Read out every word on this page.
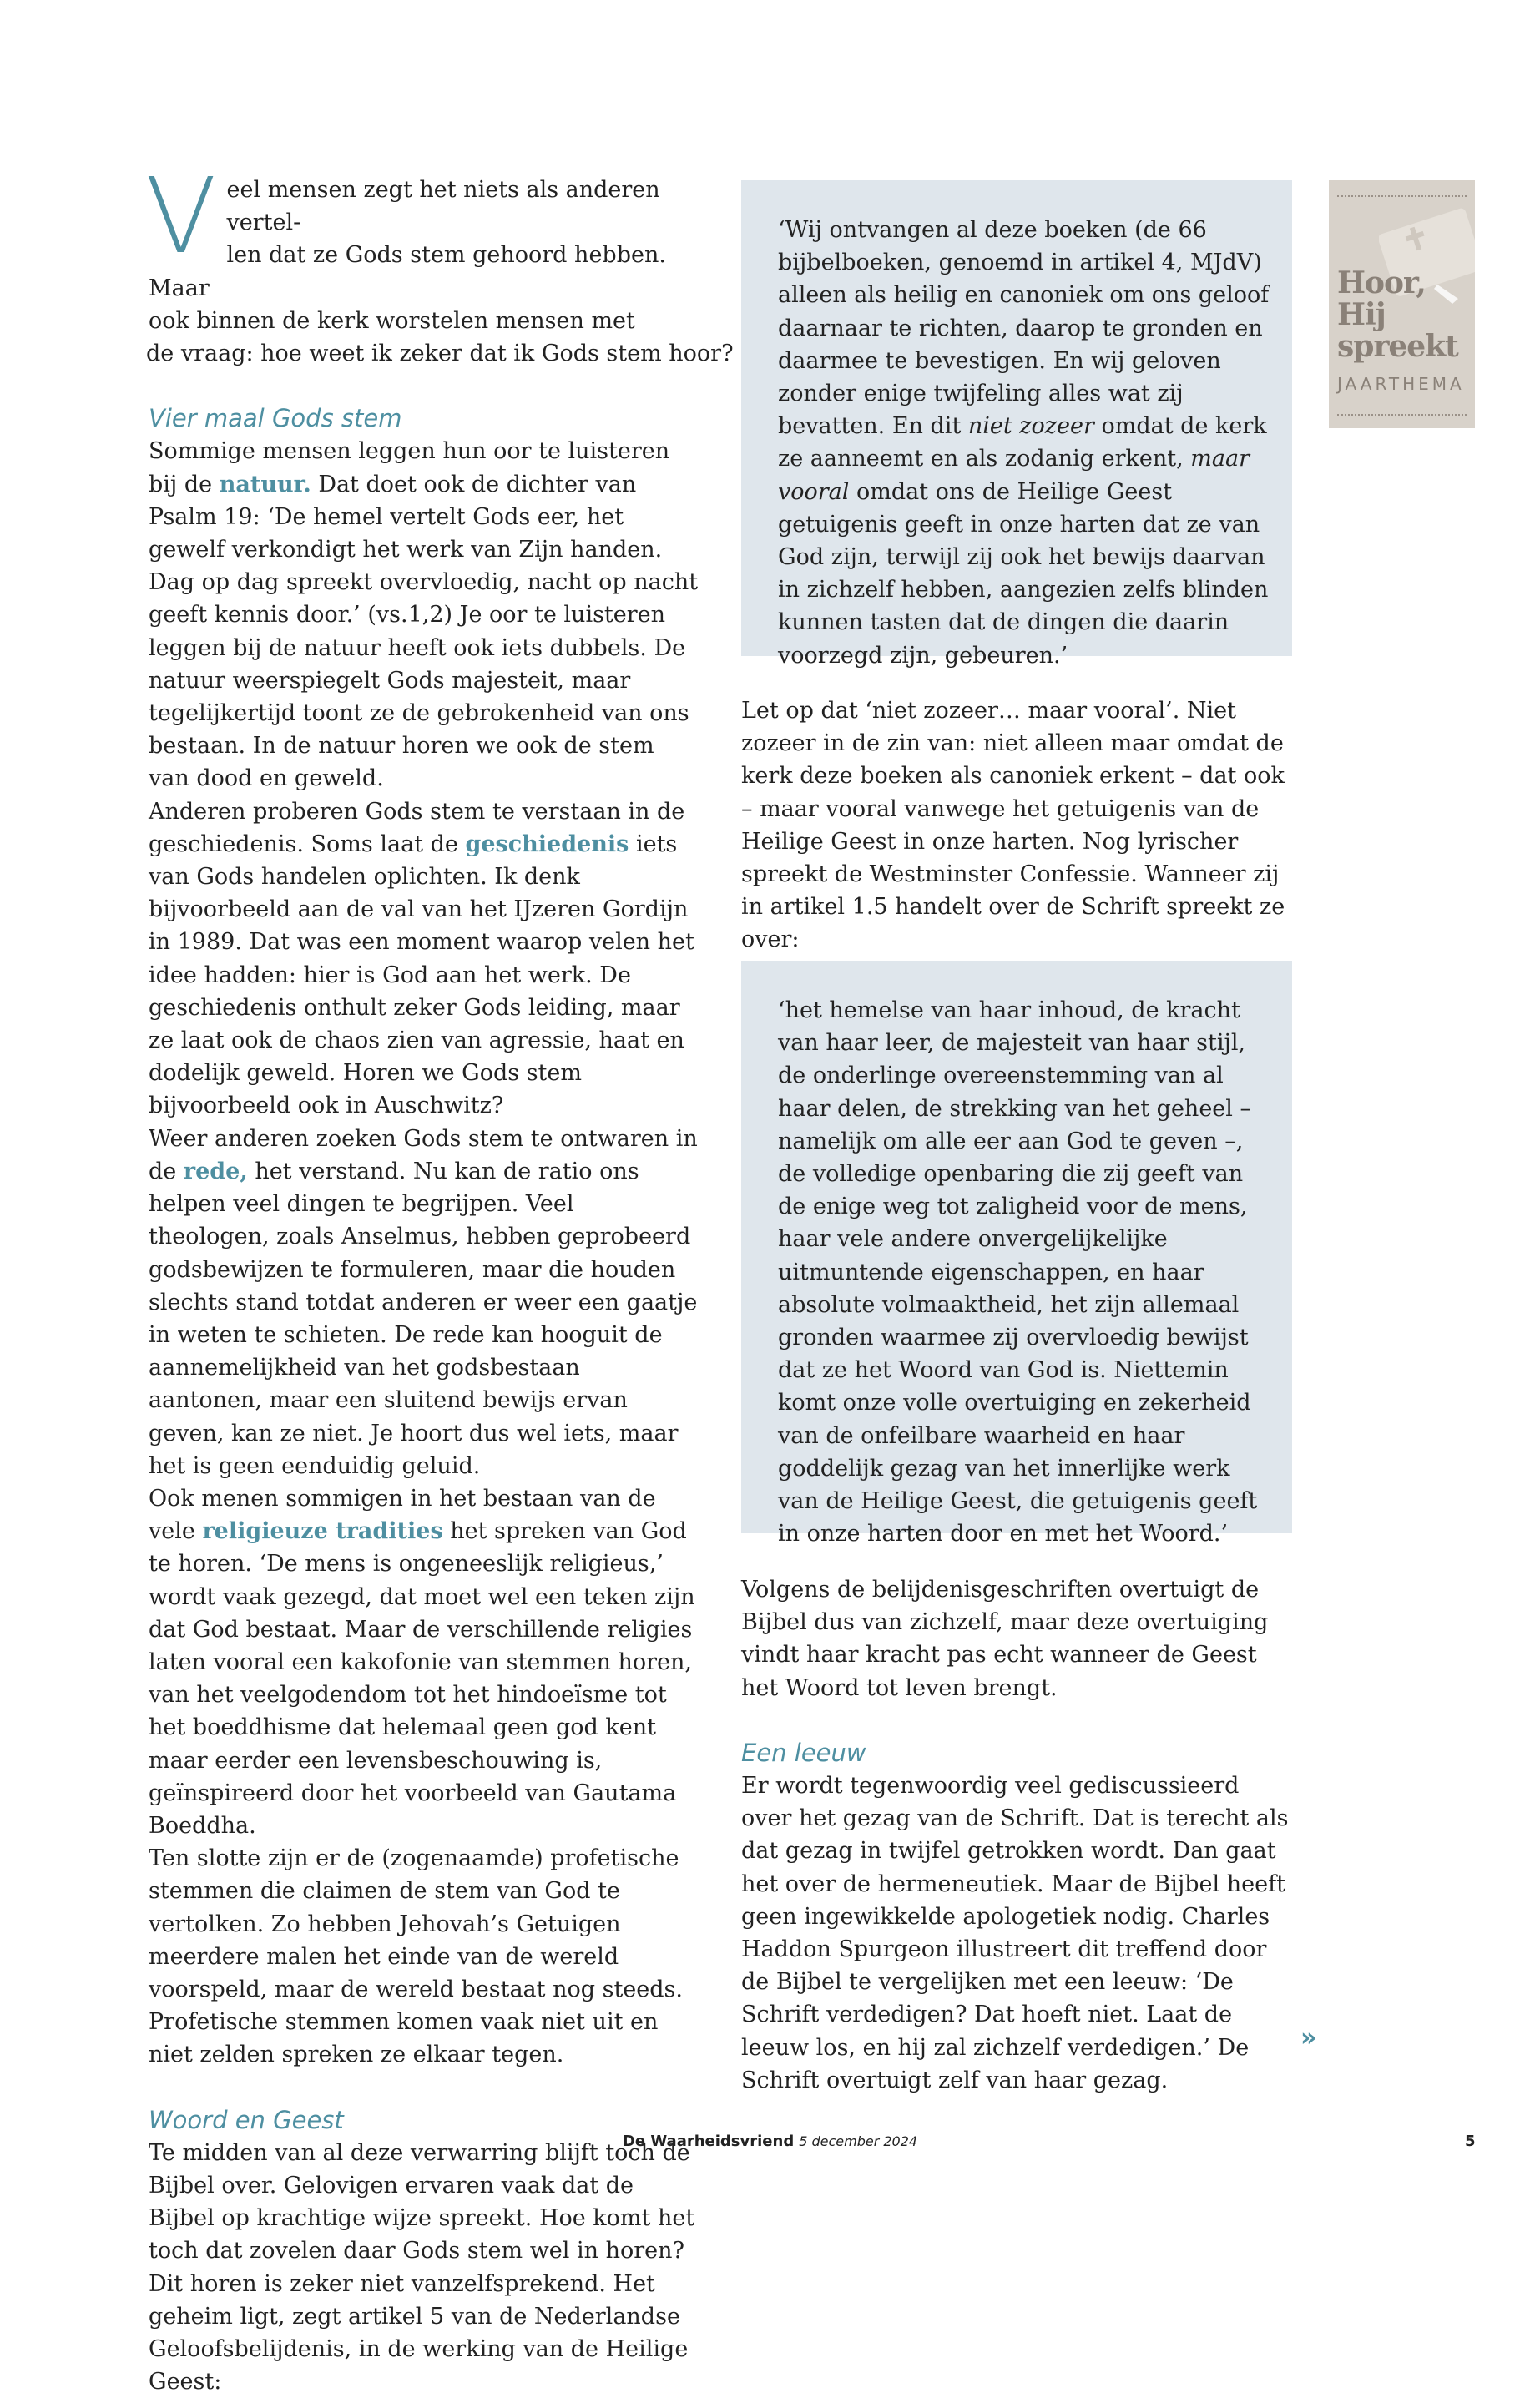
Hoor,
Hij
spreekt
JAARTHEMA

V eel mensen zegt het niets als anderen vertel-
len dat ze Gods stem gehoord hebben. Maar
ook binnen de kerk worstelen mensen met
de vraag: hoe weet ik zeker dat ik Gods stem hoor?

Vier maal Gods stem

Sommige mensen leggen hun oor te luisteren bij de natuur. Dat doet ook de dichter van Psalm 19: ‘De hemel vertelt Gods eer, het gewelf verkondigt het werk van Zijn handen. Dag op dag spreekt overvloedig, nacht op nacht geeft kennis door.’ (vs.1,2) Je oor te luisteren leggen bij de natuur heeft ook iets dubbels. De natuur weerspiegelt Gods majesteit, maar tegelijkertijd toont ze de gebrokenheid van ons bestaan. In de natuur horen we ook de stem van dood en geweld.

Anderen proberen Gods stem te verstaan in de geschiedenis. Soms laat de geschiedenis iets van Gods handelen oplichten. Ik denk bijvoorbeeld aan de val van het IJzeren Gordijn in 1989. Dat was een moment waarop velen het idee hadden: hier is God aan het werk. De geschiedenis onthult zeker Gods leiding, maar ze laat ook de chaos zien van agressie, haat en dodelijk geweld. Horen we Gods stem bijvoorbeeld ook in Auschwitz?

Weer anderen zoeken Gods stem te ontwaren in de rede, het verstand. Nu kan de ratio ons helpen veel dingen te begrijpen. Veel theologen, zoals Anselmus, hebben geprobeerd godsbewijzen te formuleren, maar die houden slechts stand totdat anderen er weer een gaatje in weten te schieten. De rede kan hooguit de aannemelijkheid van het godsbestaan aantonen, maar een sluitend bewijs ervan geven, kan ze niet. Je hoort dus wel iets, maar het is geen eenduidig geluid.

Ook menen sommigen in het bestaan van de vele religieuze tradities het spreken van God te horen. ‘De mens is ongeneeslijk religieus,’ wordt vaak gezegd, dat moet wel een teken zijn dat God bestaat. Maar de verschillende religies laten vooral een kakofonie van stemmen horen, van het veelgodendom tot het hindoeïsme tot het boeddhisme dat helemaal geen god kent maar eerder een levensbeschouwing is, geïnspireerd door het voorbeeld van Gautama Boeddha.

Ten slotte zijn er de (zogenaamde) profetische stemmen die claimen de stem van God te vertolken. Zo hebben Jehovah’s Getuigen meerdere malen het einde van de wereld voorspeld, maar de wereld bestaat nog steeds. Profetische stemmen komen vaak niet uit en niet zelden spreken ze elkaar tegen.

Woord en Geest

Te midden van al deze verwarring blijft toch de Bijbel over. Gelovigen ervaren vaak dat de Bijbel op krachtige wijze spreekt. Hoe komt het toch dat zovelen daar Gods stem wel in horen? Dit horen is zeker niet vanzelfsprekend. Het geheim ligt, zegt artikel 5 van de Nederlandse Geloofsbelijdenis, in de werking van de Heilige Geest:

‘Wij ontvangen al deze boeken (de 66 bijbelboeken, genoemd in artikel 4, MJdV) alleen als heilig en canoniek om ons geloof daarnaar te richten, daarop te gronden en daarmee te bevestigen. En wij geloven zonder enige twijfeling alles wat zij bevatten. En dit niet zozeer omdat de kerk ze aanneemt en als zodanig erkent, maar vooral omdat ons de Heilige Geest getuigenis geeft in onze harten dat ze van God zijn, terwijl zij ook het bewijs daarvan in zichzelf hebben, aangezien zelfs blinden kunnen tasten dat de dingen die daarin voorzegd zijn, gebeuren.’

Let op dat ‘niet zozeer… maar vooral’. Niet zozeer in de zin van: niet alleen maar omdat de kerk deze boeken als canoniek erkent – dat ook – maar vooral vanwege het getuigenis van de Heilige Geest in onze harten. Nog lyrischer spreekt de Westminster Confessie. Wanneer zij in artikel 1.5 handelt over de Schrift spreekt ze over:

‘het hemelse van haar inhoud, de kracht van haar leer, de majesteit van haar stijl, de onderlinge overeenstemming van al haar delen, de strekking van het geheel – namelijk om alle eer aan God te geven –, de volledige openbaring die zij geeft van de enige weg tot zaligheid voor de mens, haar vele andere onvergelijkelijke uitmuntende eigenschappen, en haar absolute volmaaktheid, het zijn allemaal gronden waarmee zij overvloedig bewijst dat ze het Woord van God is. Niettemin komt onze volle overtuiging en zekerheid van de onfeilbare waarheid en haar goddelijk gezag van het innerlijke werk van de Heilige Geest, die getuigenis geeft in onze harten door en met het Woord.’

Volgens de belijdenisgeschriften overtuigt de Bijbel dus van zichzelf, maar deze overtuiging vindt haar kracht pas echt wanneer de Geest het Woord tot leven brengt.

Een leeuw

Er wordt tegenwoordig veel gediscussieerd over het gezag van de Schrift. Dat is terecht als dat gezag in twijfel getrokken wordt. Dan gaat het over de hermeneutiek. Maar de Bijbel heeft geen ingewikkelde apologetiek nodig. Charles Haddon Spurgeon illustreert dit treffend door de Bijbel te vergelijken met een leeuw: ‘De Schrift verdedigen? Dat hoeft niet. Laat de leeuw los, en hij zal zichzelf verdedigen.’ De Schrift overtuigt zelf van haar gezag.

»
De Waarheidsvriend 5 december 2024	5
